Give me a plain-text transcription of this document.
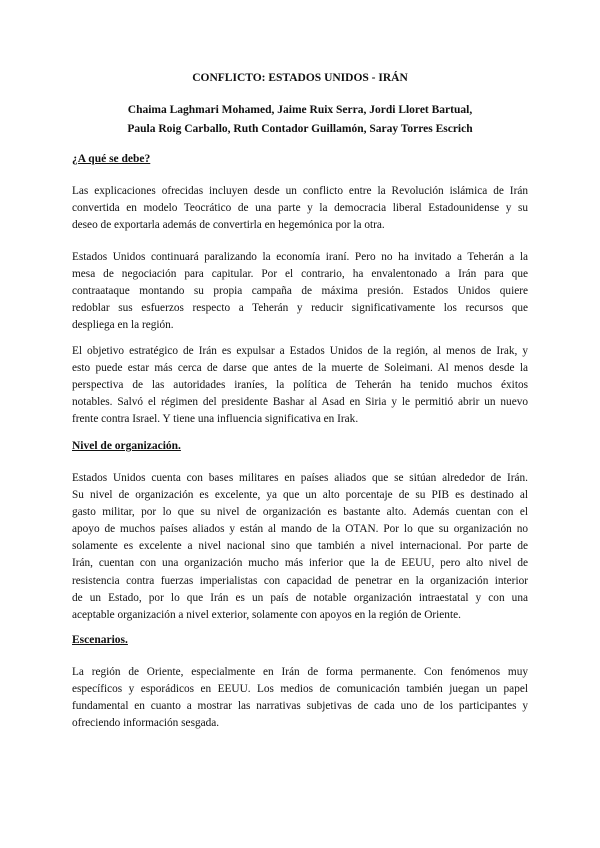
CONFLICTO: ESTADOS UNIDOS - IRÁN
Chaima Laghmari Mohamed, Jaime Ruix Serra, Jordi Lloret Bartual,
Paula Roig Carballo, Ruth Contador Guillamón, Saray Torres Escrich
¿A qué se debe?
Las explicaciones ofrecidas incluyen desde un conflicto entre la Revolución islámica de Irán
convertida en modelo Teocrático de una parte y la democracia liberal Estadounidense y su
deseo de exportarla además de convertirla en hegemónica por la otra.
Estados Unidos continuará paralizando la economía iraní. Pero no ha invitado a Teherán a la
mesa de negociación para capitular. Por el contrario, ha envalentonado a Irán para que
contraataque montando su propia campaña de máxima presión. Estados Unidos quiere
redoblar sus esfuerzos respecto a Teherán y reducir significativamente los recursos que
despliega en la región.
El objetivo estratégico de Irán es expulsar a Estados Unidos de la región, al menos de Irak, y
esto puede estar más cerca de darse que antes de la muerte de Soleimani. Al menos desde la
perspectiva de las autoridades iraníes, la política de Teherán ha tenido muchos éxitos
notables. Salvó el régimen del presidente Bashar al Asad en Siria y le permitió abrir un nuevo
frente contra Israel. Y tiene una influencia significativa en Irak.
Nivel de organización.
Estados Unidos cuenta con bases militares en países aliados que se sitúan alrededor de Irán.
Su nivel de organización es excelente, ya que un alto porcentaje de su PIB es destinado al
gasto militar, por lo que su nivel de organización es bastante alto. Además cuentan con el
apoyo de muchos países aliados y están al mando de la OTAN. Por lo que su organización no
solamente es excelente a nivel nacional sino que también a nivel internacional. Por parte de
Irán, cuentan con una organización mucho más inferior que la de EEUU, pero alto nivel de
resistencia contra fuerzas imperialistas con capacidad de penetrar en la organización interior
de un Estado, por lo que Irán es un país de notable organización intraestatal y con una
aceptable organización a nivel exterior, solamente con apoyos en la región de Oriente.
Escenarios.
La región de Oriente, especialmente en Irán de forma permanente. Con fenómenos muy
específicos y esporádicos en EEUU. Los medios de comunicación también juegan un papel
fundamental en cuanto a mostrar las narrativas subjetivas de cada uno de los participantes y
ofreciendo información sesgada.
